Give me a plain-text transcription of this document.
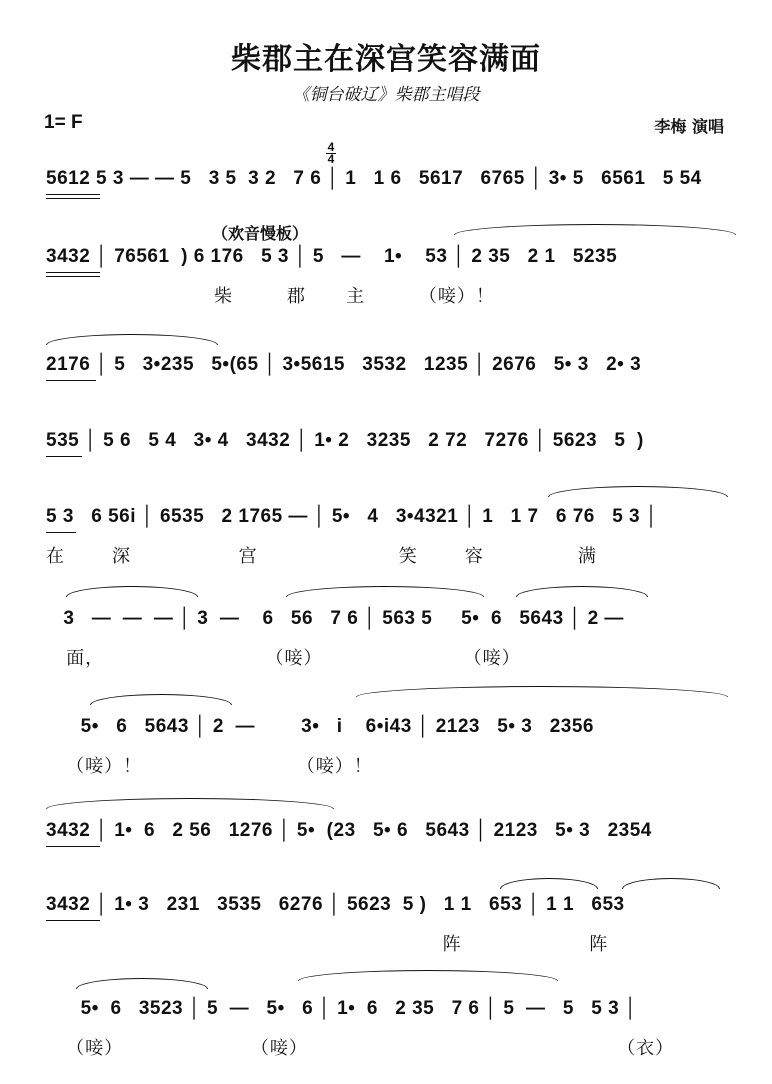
柴郡主在深宫笑容满面
《铜台破辽》柴郡主唱段
1= F	李梅 演唱
4
4
（欢音慢板）
5612 5 3 — — 5   3 5  3 2   7 6 │ 1   1 6   5617   6765 │ 3• 5   6561   5 54
3432 │ 76561  ) 6 176   5 3 │ 5   —    1•    53 │ 2 35   2 1   5235
柴        郡      主        （唼）！
2176 │ 5   3•235   5•(65 │ 3•5615   3532   1235 │ 2676   5• 3   2• 3
535 │ 5 6   5 4   3• 4   3432 │ 1• 2   3235   2 72   7276 │ 5623   5  )
5 3   6 56i │ 6535   2 1765 — │ 5•   4   3•4321 │ 1   1 7   6 76   5 3 │
在       深                宫                     笑       容              满
3   —  —  — │ 3  —    6   56   7 6 │ 563 5     5•  6   5643 │ 2 —
面，                        （唼）                     （唼）
5•   6   5643 │ 2  —        3•   i    6•i43 │ 2123   5• 3   2356
（唼）！                       （唼）！
3432 │ 1•  6   2 56   1276 │ 5•  (23   5• 6   5643 │ 2123   5• 3   2354
3432 │ 1• 3   231   3535   6276 │ 5623  5 )   1 1   653 │ 1 1   653
阵                   阵
5•  6   3523 │ 5  —   5•   6 │ 1•  6   2 35   7 6 │ 5  —   5   5 3 │
（唼）                   （唼）                                              （衣）
